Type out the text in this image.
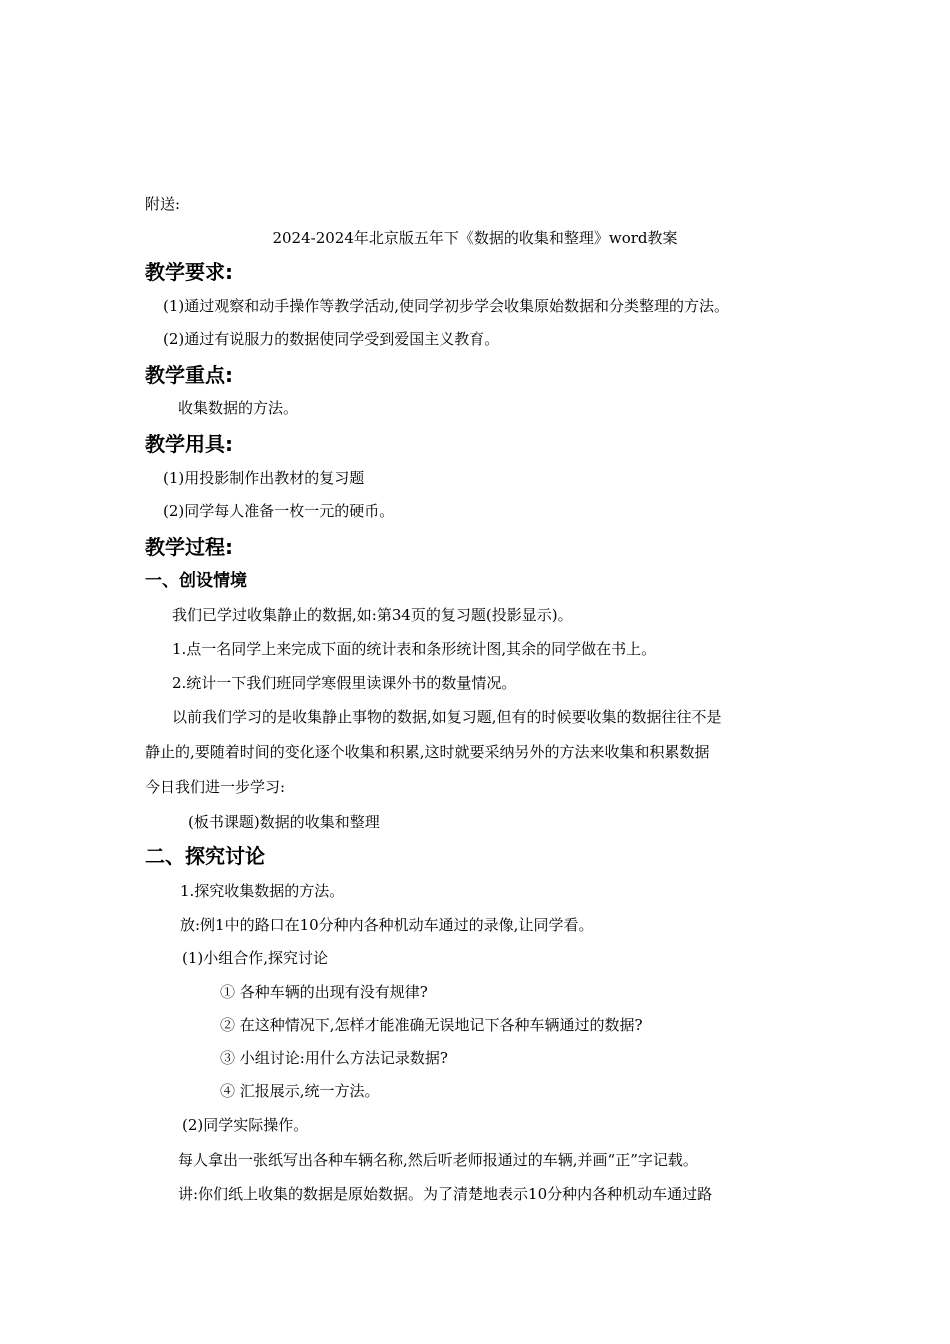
附送:
2024-2024年北京版五年下《数据的收集和整理》word教案
教学要求:
(1)通过观察和动手操作等教学活动,使同学初步学会收集原始数据和分类整理的方法。
(2)通过有说服力的数据使同学受到爱国主义教育。
教学重点:
收集数据的方法。
教学用具:
(1)用投影制作出教材的复习题
(2)同学每人准备一枚一元的硬币。
教学过程:
一、创设情境
我们已学过收集静止的数据,如:第34页的复习题(投影显示)。
1.点一名同学上来完成下面的统计表和条形统计图,其余的同学做在书上。
2.统计一下我们班同学寒假里读课外书的数量情况。
以前我们学习的是收集静止事物的数据,如复习题,但有的时候要收集的数据往往不是
静止的,要随着时间的变化逐个收集和积累,这时就要采纳另外的方法来收集和积累数据
今日我们进一步学习:
(板书课题)数据的收集和整理
二、探究讨论
1.探究收集数据的方法。
放:例1中的路口在10分种内各种机动车通过的录像,让同学看。
(1)小组合作,探究讨论
① 各种车辆的出现有没有规律?
② 在这种情况下,怎样才能准确无误地记下各种车辆通过的数据?
③ 小组讨论:用什么方法记录数据?
④ 汇报展示,统一方法。
(2)同学实际操作。
每人拿出一张纸写出各种车辆名称,然后听老师报通过的车辆,并画“正”字记载。
讲:你们纸上收集的数据是原始数据。为了清楚地表示10分种内各种机动车通过路
